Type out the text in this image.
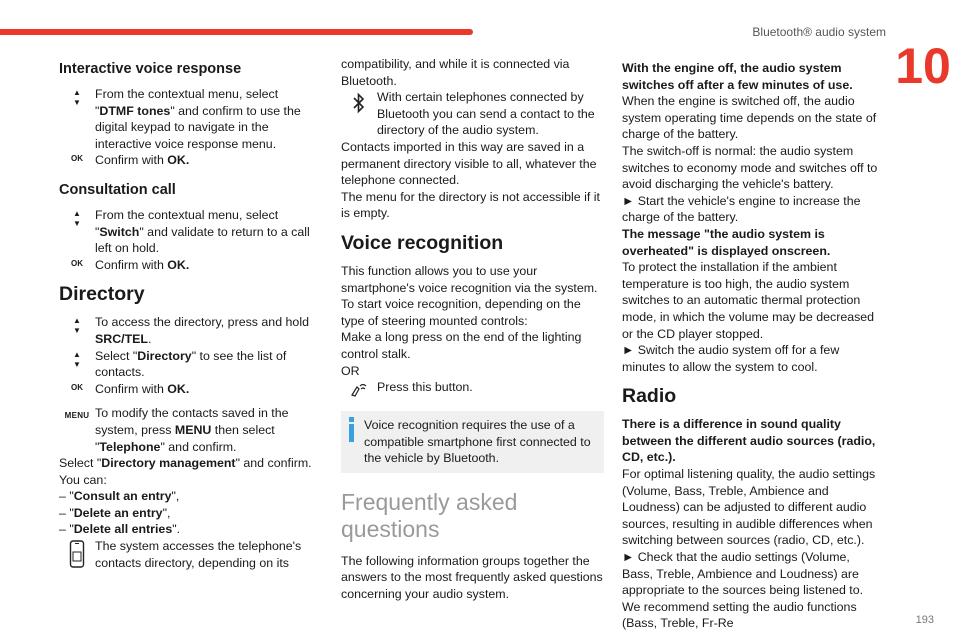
Bluetooth® audio system
10
Interactive voice response
▲
▼

From the contextual menu, select "DTMF tones" and confirm to use the digital keypad to navigate in the interactive voice response menu.

OK Confirm with OK.

Consultation call
▲
▼

From the contextual menu, select "Switch" and validate to return to a call left on hold.

OK Confirm with OK.

Directory
▲
▼

To access the directory, press and hold SRC/TEL.

▲
▼

Select "Directory" to see the list of contacts.

OK Confirm with OK.

MENU To modify the contacts saved in the system, press MENU then select "Telephone" and confirm.

Select "Directory management" and confirm.

You can:

– "Consult an entry",

– "Delete an entry",

– "Delete all entries".

The system accesses the telephone's contacts directory, depending on its

compatibility, and while it is connected via Bluetooth.

With certain telephones connected by Bluetooth you can send a contact to the directory of the audio system.

Contacts imported in this way are saved in a permanent directory visible to all, whatever the telephone connected.

The menu for the directory is not accessible if it is empty.

Voice recognition

This function allows you to use your smartphone's voice recognition via the system.

To start voice recognition, depending on the type of steering mounted controls:

Make a long press on the end of the lighting control stalk.

OR

Press this button.

Voice recognition requires the use of a compatible smartphone first connected to the vehicle by Bluetooth.

Frequently asked questions

The following information groups together the answers to the most frequently asked questions concerning your audio system.

With the engine off, the audio system switches off after a few minutes of use.

When the engine is switched off, the audio system operating time depends on the state of charge of the battery.

The switch-off is normal: the audio system switches to economy mode and switches off to avoid discharging the vehicle's battery.

► Start the vehicle's engine to increase the charge of the battery.

The message "the audio system is overheated" is displayed onscreen.

To protect the installation if the ambient temperature is too high, the audio system switches to an automatic thermal protection mode, in which the volume may be decreased or the CD player stopped.

► Switch the audio system off for a few minutes to allow the system to cool.

Radio

There is a difference in sound quality between the different audio sources (radio, CD, etc.).

For optimal listening quality, the audio settings (Volume, Bass, Treble, Ambience and Loudness) can be adjusted to different audio sources, resulting in audible differences when switching between sources (radio, CD, etc.).

► Check that the audio settings (Volume, Bass, Treble, Ambience and Loudness) are appropriate to the sources being listened to. We recommend setting the audio functions (Bass, Treble, Fr-Re	193
